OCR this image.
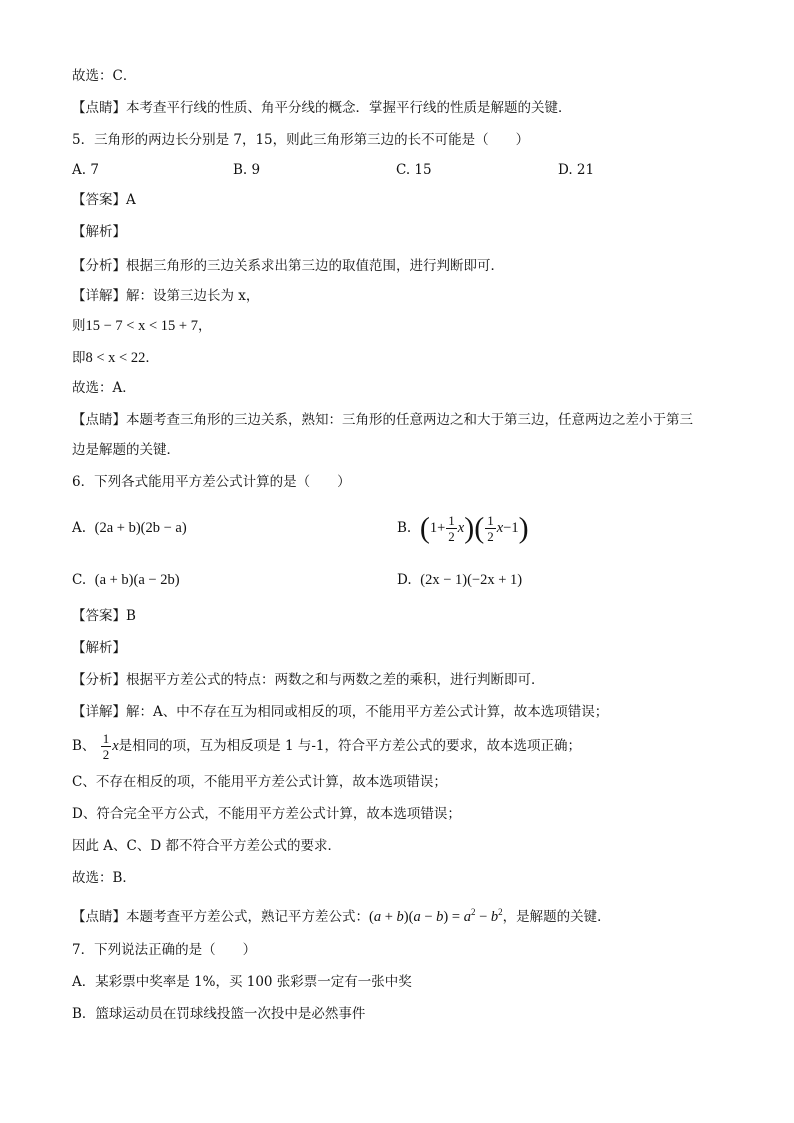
故选：C．
【点睛】本考查平行线的性质、角平分线的概念．掌握平行线的性质是解题的关键．
5．三角形的两边长分别是 7，15，则此三角形第三边的长不可能是（　　）
A. 7	B. 9	C. 15	D. 21
【答案】A
【解析】
【分析】根据三角形的三边关系求出第三边的取值范围，进行判断即可．
【详解】解：设第三边长为 x，
则15 − 7 < x < 15 + 7，
即8 < x < 22．
故选：A．
【点睛】本题考查三角形的三边关系，熟知：三角形的任意两边之和大于第三边，任意两边之差小于第三
边是解题的关键．
6．下列各式能用平方差公式计算的是（　　）
A. (2a + b)(2b − a)	B. $(1+ \frac{1}{2} x)( \frac{1}{2} x-1)$
C. (a + b)(a − 2b)	D. (2x − 1)(−2x + 1)
【答案】B
【解析】
【分析】根据平方差公式的特点：两数之和与两数之差的乘积，进行判断即可．
【详解】解：A、中不存在互为相同或相反的项，不能用平方差公式计算，故本选项错误；
B、 $\frac{1}{2}$ x是相同的项，互为相反项是 1 与-1，符合平方差公式的要求，故本选项正确；
C、不存在相反的项，不能用平方差公式计算，故本选项错误；
D、符合完全平方公式，不能用平方差公式计算，故本选项错误；
因此 A、C、D 都不符合平方差公式的要求．
故选：B．
【点睛】本题考查平方差公式，熟记平方差公式：$(a + b)(a - b) = a^2 - b^2$，是解题的关键．
7．下列说法正确的是（　　）
A．某彩票中奖率是 1%，买 100 张彩票一定有一张中奖
B．篮球运动员在罚球线投篮一次投中是必然事件
